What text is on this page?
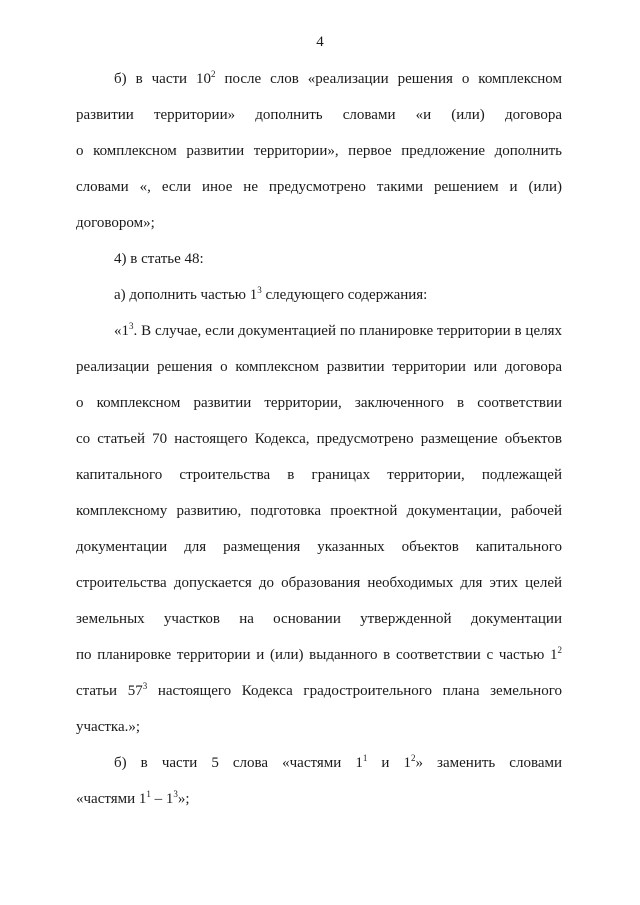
4
б) в части $10^2$ после слов «реализации решения о комплексном
развитии территории» дополнить словами «и (или) договора
о комплексном развитии территории», первое предложение дополнить
словами «, если иное не предусмотрено такими решением и (или)
договором»;
4) в статье 48:
а) дополнить частью $1^3$ следующего содержания:
«$1^3$. В случае, если документацией по планировке территории в целях
реализации решения о комплексном развитии территории или договора
о комплексном развитии территории, заключенного в соответствии
со статьей 70 настоящего Кодекса, предусмотрено размещение объектов
капитального строительства в границах территории, подлежащей
комплексному развитию, подготовка проектной документации, рабочей
документации для размещения указанных объектов капитального
строительства допускается до образования необходимых для этих целей
земельных участков на основании утвержденной документации
по планировке территории и (или) выданного в соответствии с частью $1^2$
статьи $57^3$ настоящего Кодекса градостроительного плана земельного
участка.»;
б) в части 5 слова «частями $1^1$ и $1^2$» заменить словами
«частями $1^1 - 1^3$»;
